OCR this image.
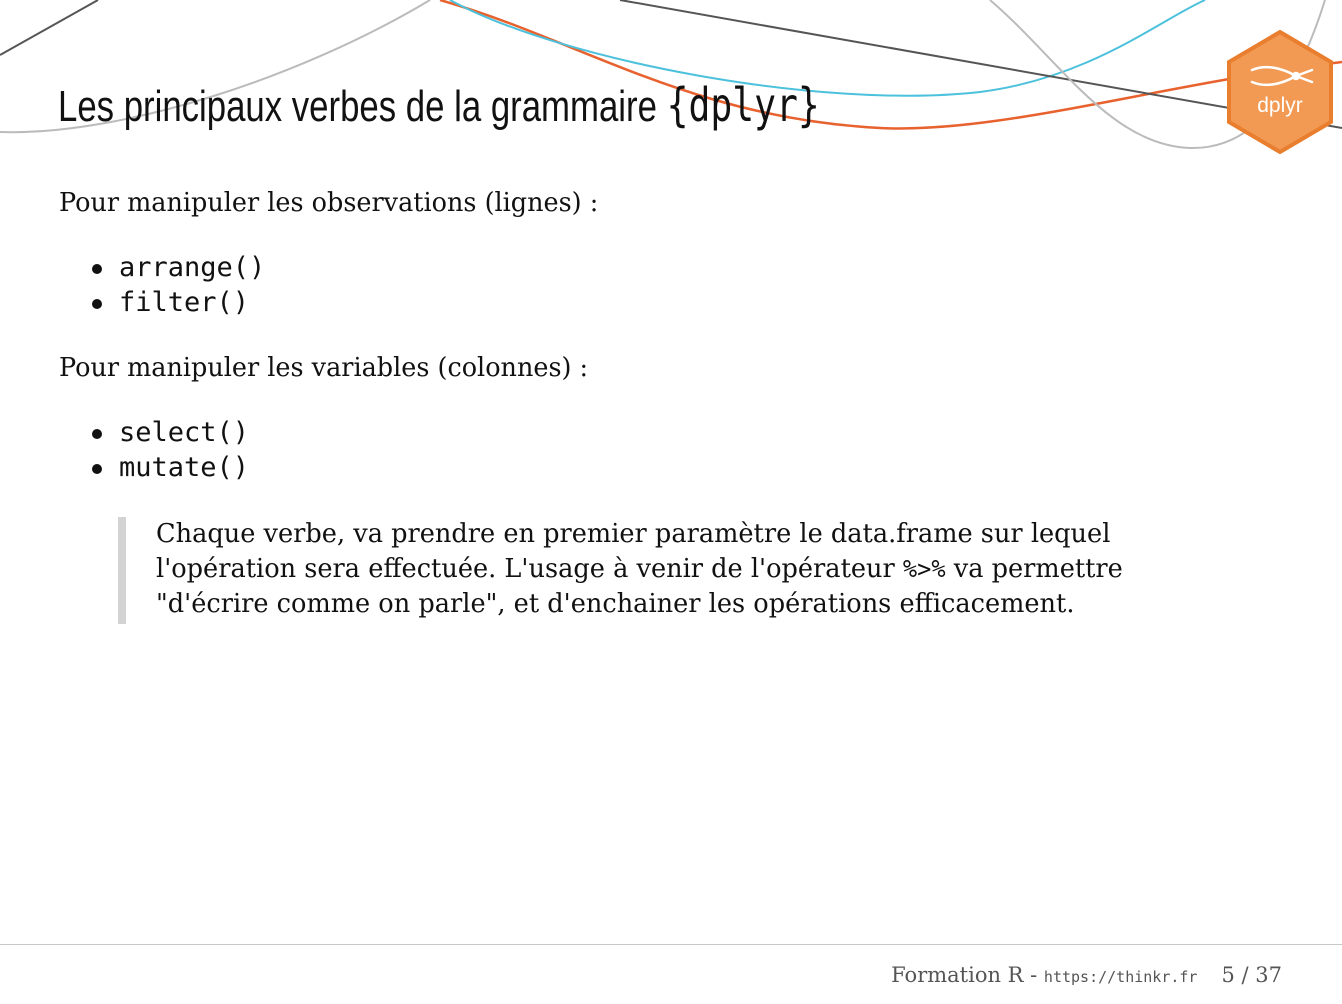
Les principaux verbes de la grammaire {dplyr}	dplyr

Pour manipuler les observations (lignes) :

arrange()
filter()

Pour manipuler les variables (colonnes) :

select()
mutate()

Chaque verbe, va prendre en premier paramètre le data.frame sur lequel

l'opération sera effectuée. L'usage à venir de l'opérateur %>% va permettre

"d'écrire comme on parle", et d'enchainer les opérations efficacement.

Formation R - https://thinkr.fr 5 / 37
